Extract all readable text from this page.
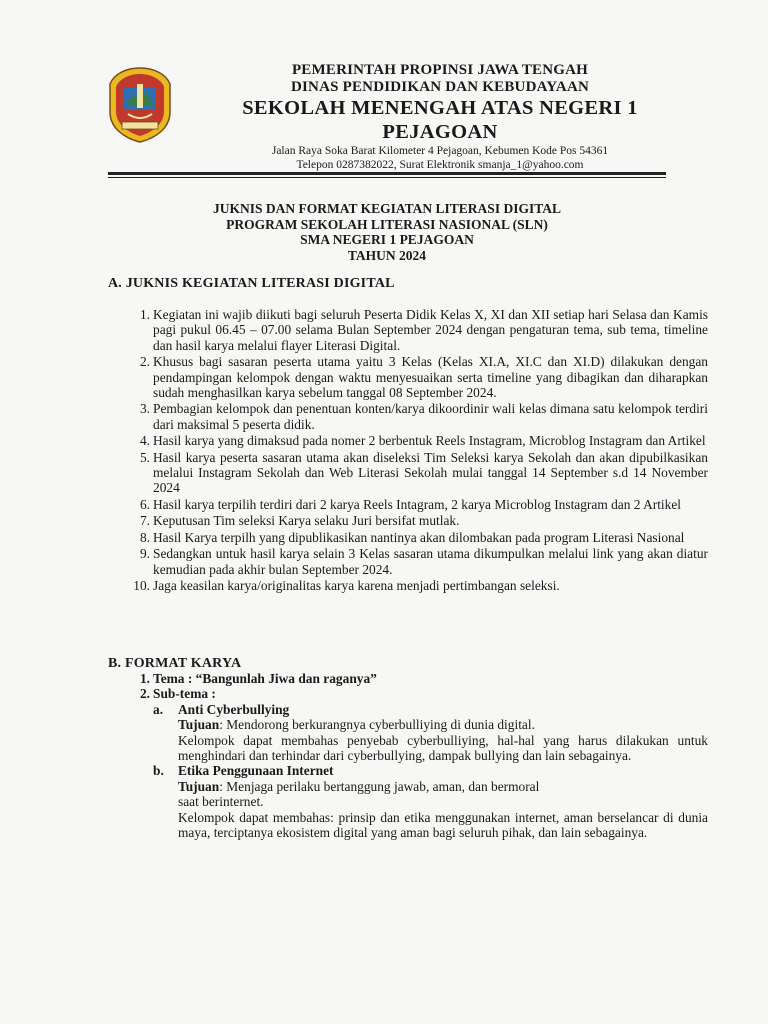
PEMERINTAH PROPINSI JAWA TENGAH
DINAS PENDIDIKAN DAN KEBUDAYAAN
SEKOLAH MENENGAH ATAS NEGERI 1
PEJAGOAN
Jalan Raya Soka Barat Kilometer 4 Pejagoan, Kebumen Kode Pos 54361
Telepon 0287382022, Surat Elektronik smanja_1@yahoo.com
JUKNIS DAN FORMAT KEGIATAN LITERASI DIGITAL
PROGRAM SEKOLAH LITERASI NASIONAL (SLN)
SMA NEGERI 1 PEJAGOAN
TAHUN 2024
A. JUKNIS KEGIATAN LITERASI DIGITAL
1. Kegiatan ini wajib diikuti bagi seluruh Peserta Didik Kelas X, XI dan XII setiap hari Selasa dan Kamis pagi pukul 06.45 – 07.00 selama Bulan September 2024 dengan pengaturan tema, sub tema, timeline dan hasil karya melalui flayer Literasi Digital.
2. Khusus bagi sasaran peserta utama yaitu 3 Kelas (Kelas XI.A, XI.C dan XI.D) dilakukan dengan pendampingan kelompok dengan waktu menyesuaikan serta timeline yang dibagikan dan diharapkan sudah menghasilkan karya sebelum tanggal 08 September 2024.
3. Pembagian kelompok dan penentuan konten/karya dikoordinir wali kelas dimana satu kelompok terdiri dari maksimal 5 peserta didik.
4. Hasil karya yang dimaksud pada nomer 2 berbentuk Reels Instagram, Microblog Instagram dan Artikel
5. Hasil karya peserta sasaran utama akan diseleksi Tim Seleksi karya Sekolah dan akan dipubilkasikan melalui Instagram Sekolah dan Web Literasi Sekolah mulai tanggal 14 September s.d 14 November 2024
6. Hasil karya terpilih terdiri dari 2 karya Reels Intagram, 2 karya Microblog Instagram dan 2 Artikel
7. Keputusan Tim seleksi Karya selaku Juri bersifat mutlak.
8. Hasil Karya terpilh yang dipublikasikan nantinya akan dilombakan pada program Literasi Nasional
9. Sedangkan untuk hasil karya selain 3 Kelas sasaran utama dikumpulkan melalui link yang akan diatur kemudian pada akhir bulan September 2024.
10. Jaga keasilan karya/originalitas karya karena menjadi pertimbangan seleksi.
B. FORMAT KARYA
1. Tema : “Bangunlah Jiwa dan raganya”
2. Sub-tema :
a. Anti Cyberbullying

Tujuan: Mendorong berkurangnya cyberbulliying di dunia digital.

Kelompok dapat membahas penyebab cyberbulliying, hal-hal yang harus dilakukan untuk menghindari dan terhindar dari cyberbullying, dampak bullying dan lain sebagainya.

b. Etika Penggunaan Internet

Tujuan: Menjaga perilaku bertanggung jawab, aman, dan bermoral

saat berinternet.

Kelompok dapat membahas: prinsip dan etika menggunakan internet, aman berselancar di dunia maya, terciptanya ekosistem digital yang aman bagi seluruh pihak, dan lain sebagainya.
